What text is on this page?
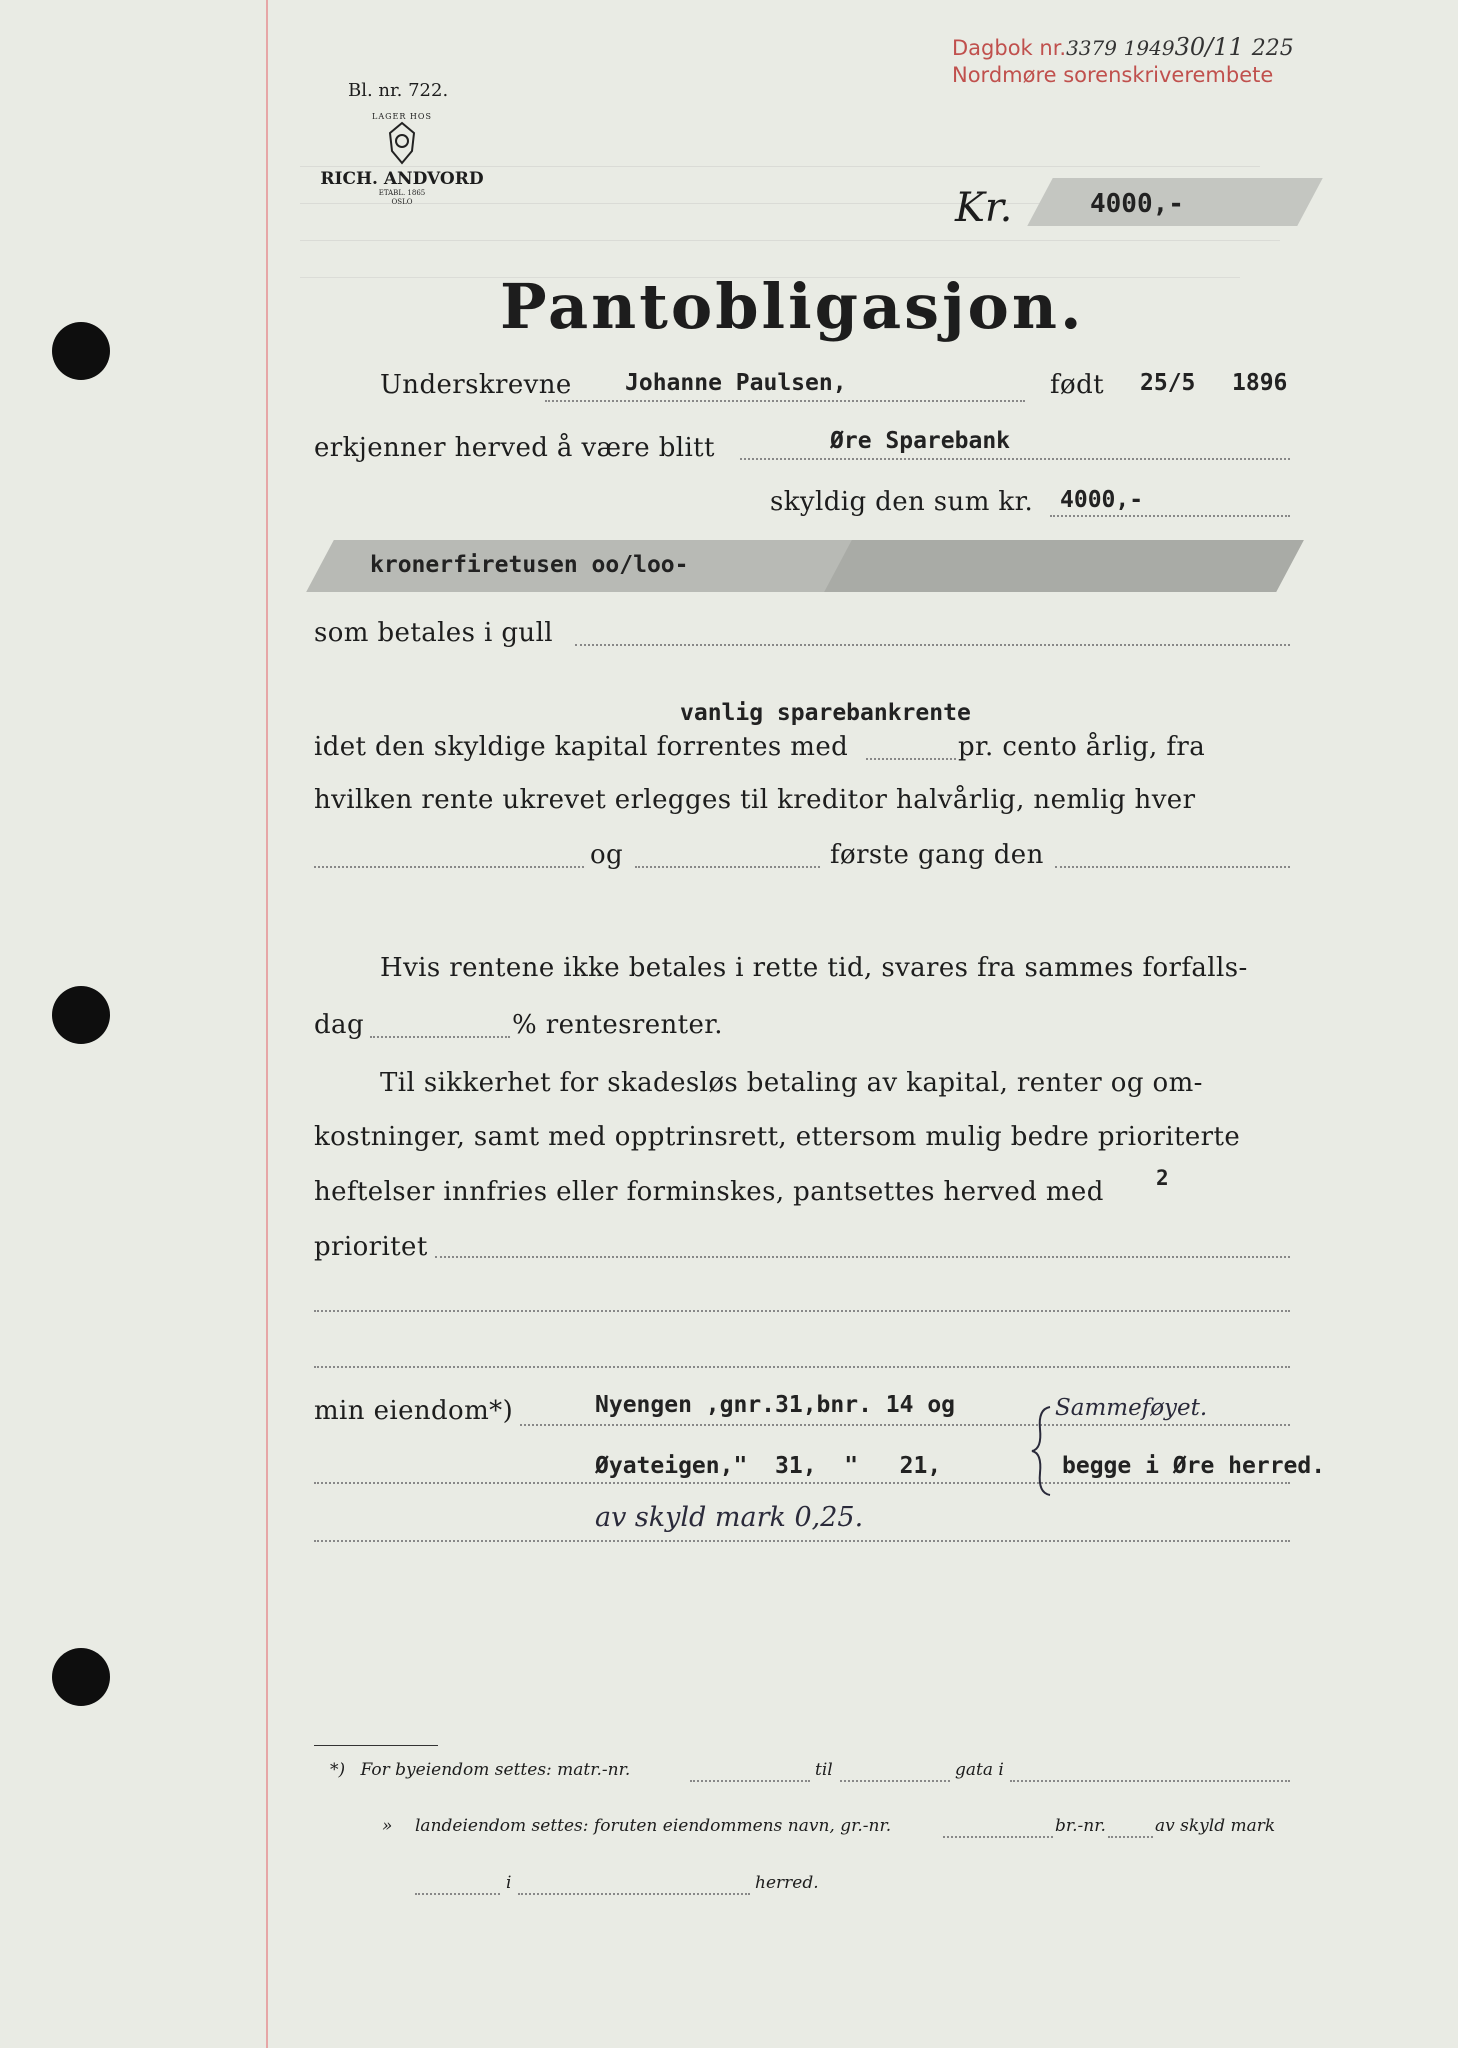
Bl. nr. 722.
LAGER HOS
RICH. ANDVORD
ETABL. 1865
OSLO
Dagbok nr.3379 194930/11 225
Nordmøre sorenskriverembete
Kr.	4000,-
Pantobligasjon.
Underskrevne Johanne Paulsen,	født 25/5 1896
erkjenner herved å være blitt	Øre Sparebank
skyldig den sum kr. 4000,-
kronerfiretusen oo/loo-
som betales i gull
vanlig sparebankrente
idet den skyldige kapital forrentes med	pr. cento årlig, fra
hvilken rente ukrevet erlegges til kreditor halvårlig, nemlig hver
og	første gang den
Hvis rentene ikke betales i rette tid, svares fra sammes forfalls-
dag	% rentesrenter.
Til sikkerhet for skadesløs betaling av kapital, renter og om-
kostninger, samt med opptrinsrett, ettersom mulig bedre prioriterte
heftelser innfries eller forminskes, pantsettes herved med 2
prioritet
min eiendom*)	Nyengen ,gnr.31,bnr. 14 og	Sammeføyet.
Øyateigen,"  31,  "   21,	begge i Øre herred.
av skyld mark 0,25.
*) For byeiendom settes: matr.-nr.	til	gata i
» landeiendom settes: foruten eiendommens navn, gr.-nr.	br.-nr.	av skyld mark
i	herred.
